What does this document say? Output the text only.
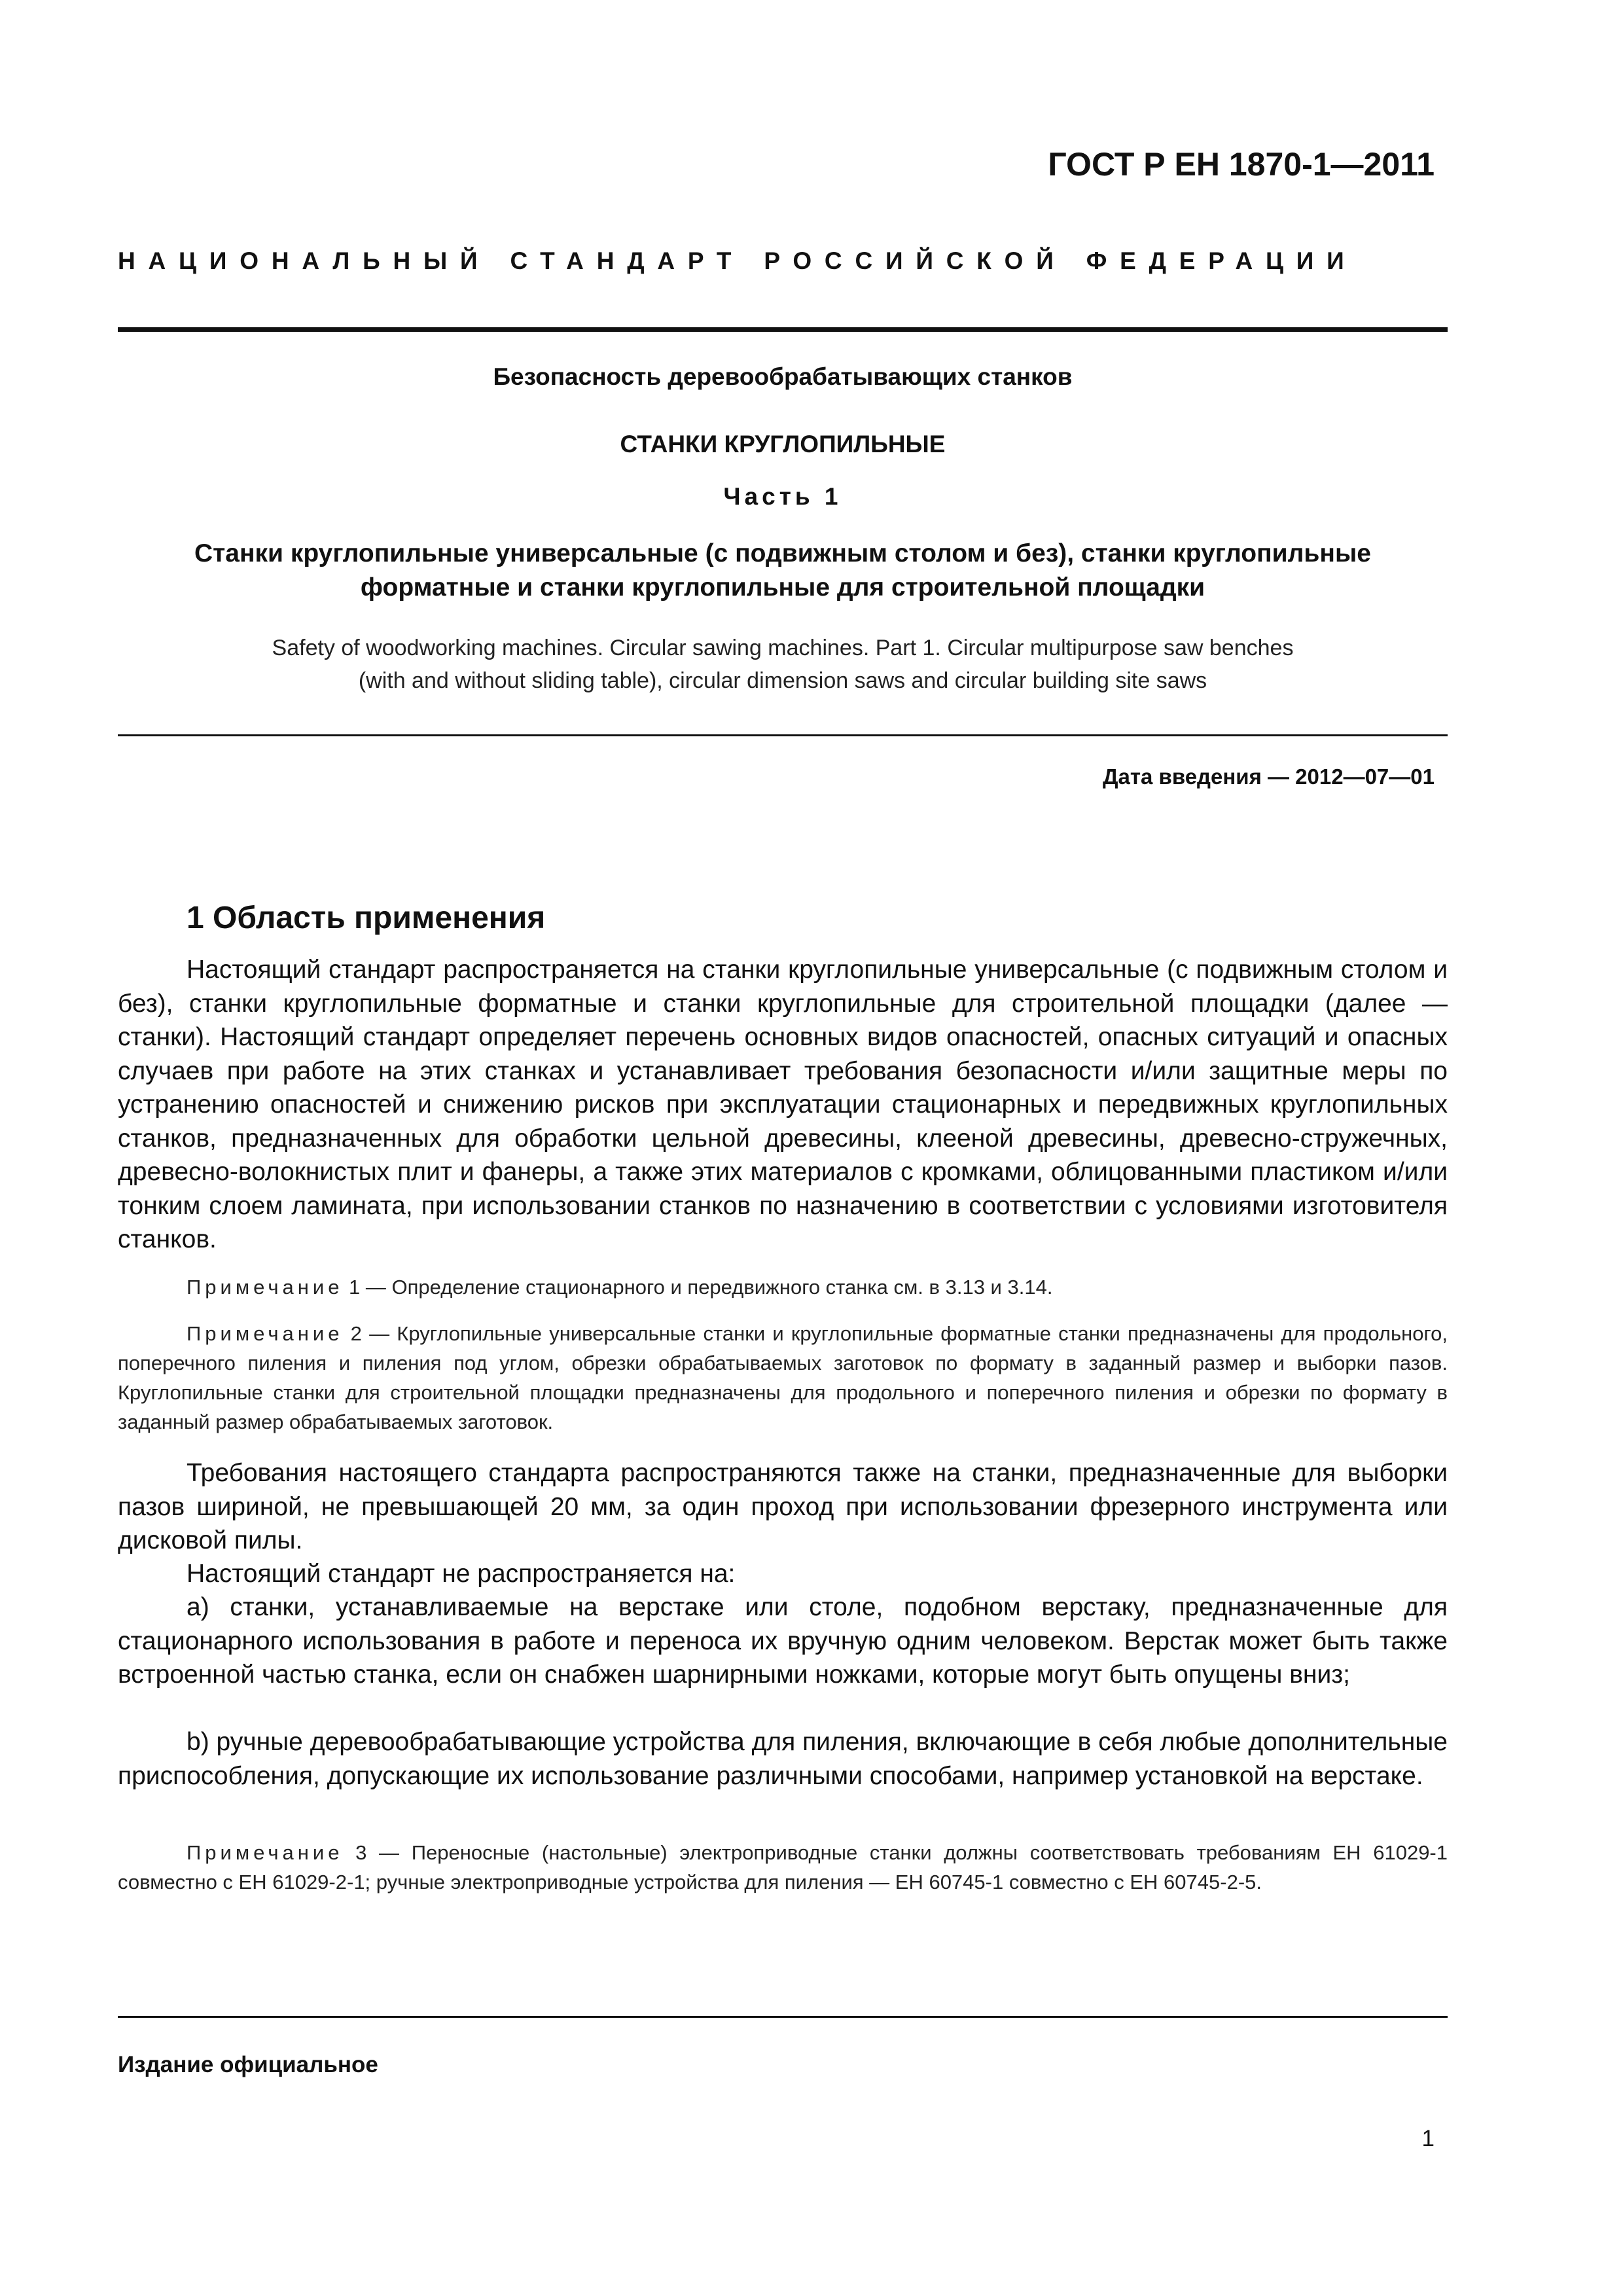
ГОСТ Р ЕН 1870-1—2011
НАЦИОНАЛЬНЫЙ СТАНДАРТ РОССИЙСКОЙ ФЕДЕРАЦИИ
Безопасность деревообрабатывающих станков
СТАНКИ КРУГЛОПИЛЬНЫЕ
Часть 1
Станки круглопильные универсальные (с подвижным столом и без), станки круглопильные
форматные и станки круглопильные для строительной площадки
Safety of woodworking machines. Circular sawing machines. Part 1. Circular multipurpose saw benches
(with and without sliding table), circular dimension saws and circular building site saws
Дата введения — 2012—07—01
1 Область применения

Настоящий стандарт распространяется на станки круглопильные универсальные (с подвижным столом и без), станки круглопильные форматные и станки круглопильные для строительной площадки (далее — станки). Настоящий стандарт определяет перечень основных видов опасностей, опасных ситуаций и опасных случаев при работе на этих станках и устанавливает требования безопасности и/или защитные меры по устранению опасностей и снижению рисков при эксплуатации стационарных и передвижных круглопильных станков, предназначенных для обработки цельной древесины, клееной древесины, древесно-стружечных, древесно-волокнистых плит и фанеры, а также этих материалов с кромками, облицованными пластиком и/или тонким слоем ламината, при использовании станков по назначению в соответствии с условиями изготовителя станков.

Примечание 1 — Определение стационарного и передвижного станка см. в 3.13 и 3.14.

Примечание 2 — Круглопильные универсальные станки и круглопильные форматные станки предназначены для продольного, поперечного пиления и пиления под углом, обрезки обрабатываемых заготовок по формату в заданный размер и выборки пазов. Круглопильные станки для строительной площадки предназначены для продольного и поперечного пиления и обрезки по формату в заданный размер обрабатываемых заготовок.

Требования настоящего стандарта распространяются также на станки, предназначенные для выборки пазов шириной, не превышающей 20 мм, за один проход при использовании фрезерного инструмента или дисковой пилы.

Настоящий стандарт не распространяется на:

а) станки, устанавливаемые на верстаке или столе, подобном верстаку, предназначенные для стационарного использования в работе и переноса их вручную одним человеком. Верстак может быть также встроенной частью станка, если он снабжен шарнирными ножками, которые могут быть опущены вниз;

b) ручные деревообрабатывающие устройства для пиления, включающие в себя любые дополнительные приспособления, допускающие их использование различными способами, например установкой на верстаке.

Примечание 3 — Переносные (настольные) электроприводные станки должны соответствовать требованиям ЕН 61029-1 совместно с ЕН 61029-2-1; ручные электроприводные устройства для пиления — ЕН 60745-1 совместно с ЕН 60745-2-5.

Издание официальное
1
